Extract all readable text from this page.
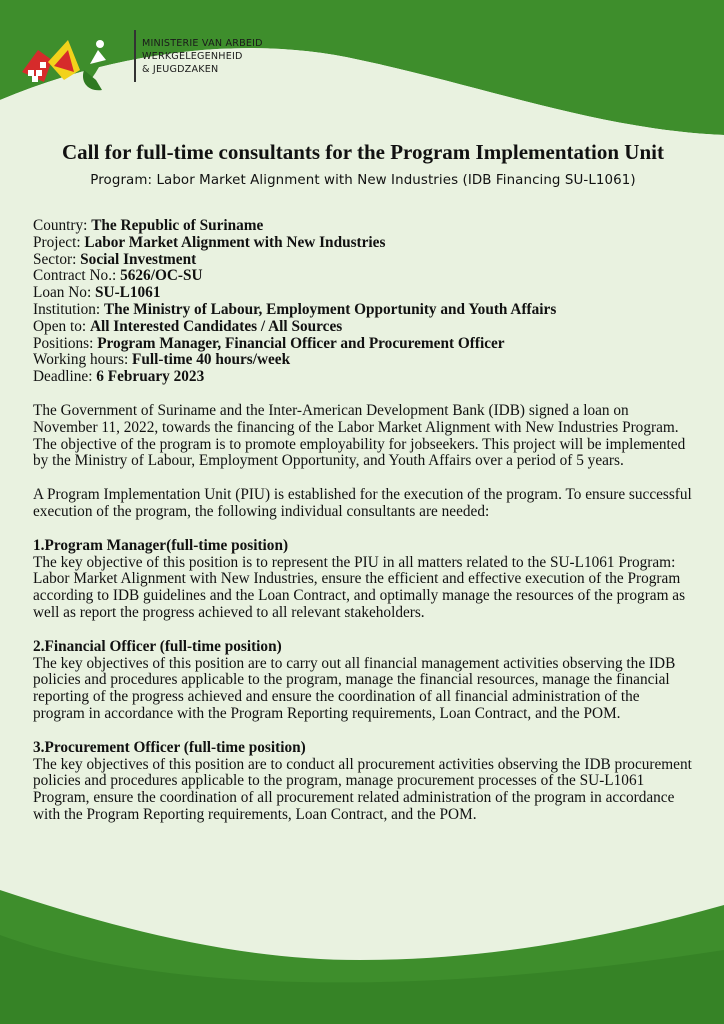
MINISTERIE VAN ARBEID
WERKGELEGENHEID
& JEUGDZAKEN
Call for full-time consultants for the Program Implementation Unit
Program: Labor Market Alignment with New Industries (IDB Financing SU-L1061)
Country: The Republic of Suriname
Project: Labor Market Alignment with New Industries
Sector: Social Investment
Contract No.: 5626/OC-SU
Loan No: SU-L1061
Institution: The Ministry of Labour, Employment Opportunity and Youth Affairs
Open to: All Interested Candidates / All Sources
Positions: Program Manager, Financial Officer and Procurement Officer
Working hours: Full-time 40 hours/week
Deadline: 6 February 2023

The Government of Suriname and the Inter-American Development Bank (IDB) signed a loan on November 11, 2022, towards the financing of the Labor Market Alignment with New Industries Program. The objective of the program is to promote employability for jobseekers. This project will be implemented by the Ministry of Labour, Employment Opportunity, and Youth Affairs over a period of 5 years.

A Program Implementation Unit (PIU) is established for the execution of the program. To ensure successful execution of the program, the following individual consultants are needed:

1.Program Manager(full-time position)

The key objective of this position is to represent the PIU in all matters related to the SU-L1061 Program: Labor Market Alignment with New Industries, ensure the efficient and effective execution of the Program according to IDB guidelines and the Loan Contract, and optimally manage the resources of the program as well as report the progress achieved to all relevant stakeholders.

2.Financial Officer (full-time position)

The key objectives of this position are to carry out all financial management activities observing the IDB policies and procedures applicable to the program, manage the financial resources, manage the financial reporting of the progress achieved and ensure the coordination of all financial administration of the program in accordance with the Program Reporting requirements, Loan Contract, and the POM.

3.Procurement Officer (full-time position)

The key objectives of this position are to conduct all procurement activities observing the IDB procurement policies and procedures applicable to the program, manage procurement processes of the SU-L1061 Program, ensure the coordination of all procurement related administration of the program in accordance with the Program Reporting requirements, Loan Contract, and the POM.
